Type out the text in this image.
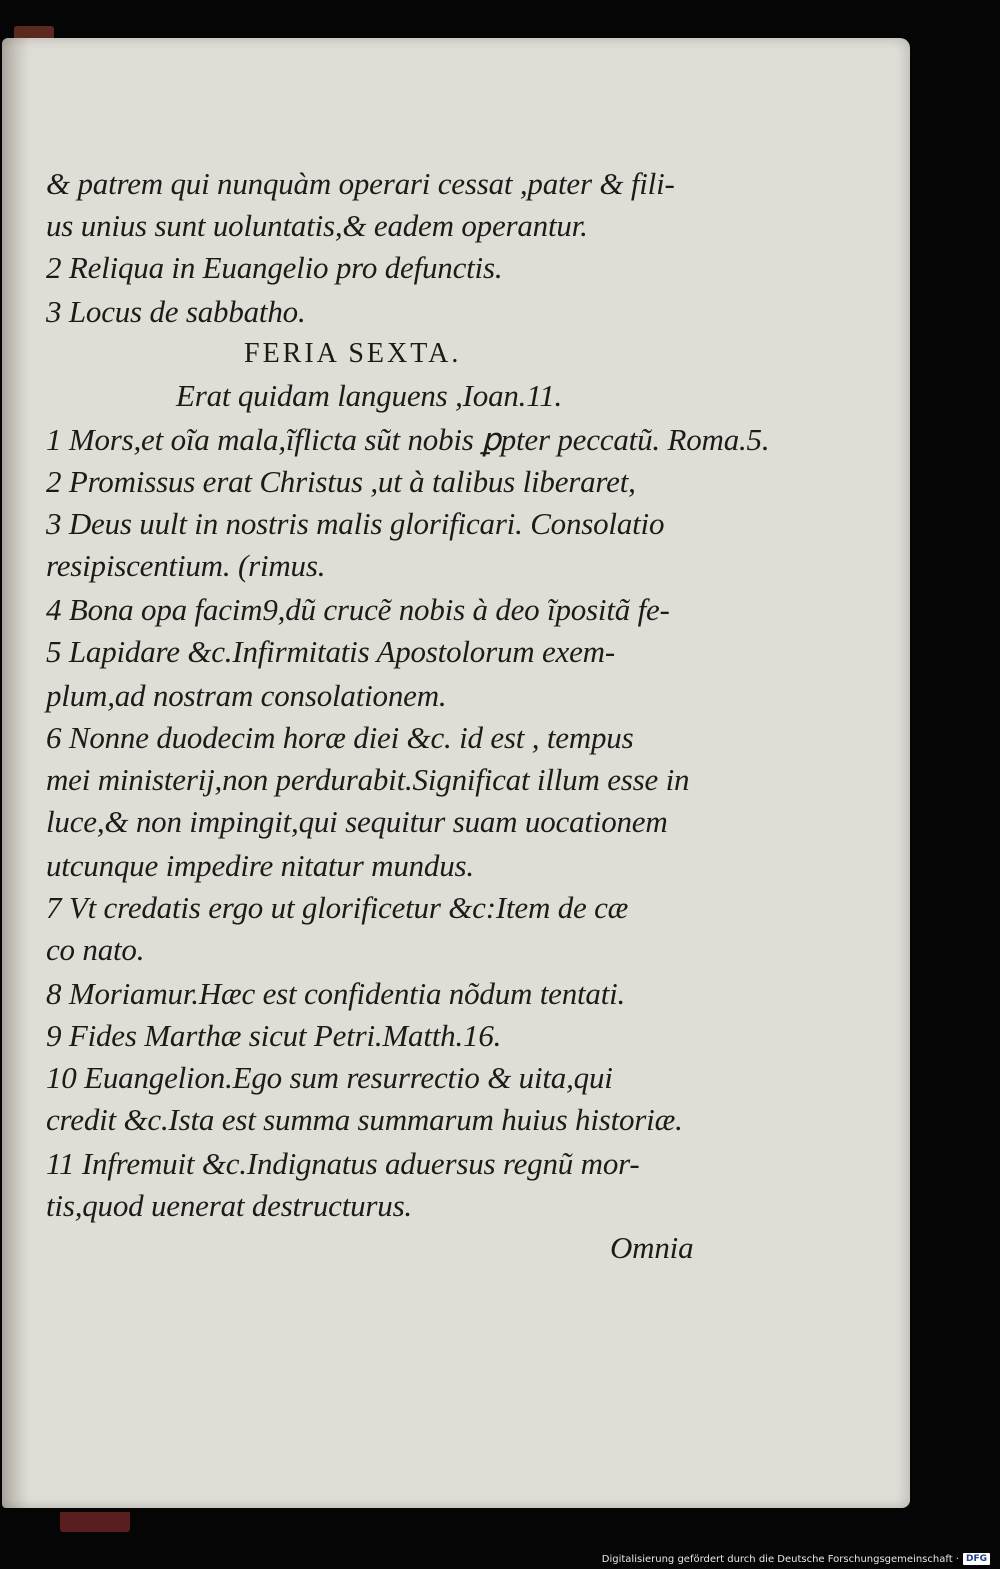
& patrem qui nunquàm operari cessat ,pater & fili-
us unius sunt uoluntatis,& eadem operantur.
2 Reliqua in Euangelio pro defunctis.
3 Locus de sabbatho.
FERIA SEXTA.
Erat quidam languens ,Ioan.11.
1 Mors,et oĩa mala,ĩflicta sũt nobis ꝑpter peccatũ. Roma.5.
2 Promissus erat Christus ,ut à talibus liberaret,
3 Deus uult in nostris malis glorificari. Consolatio
resipiscentium. (rimus.
4 Bona opa facim9,dũ crucẽ nobis à deo ĩpositã fe-
5 Lapidare &c.Infirmitatis Apostolorum exem-
plum,ad nostram consolationem.
6 Nonne duodecim horæ diei &c. id est , tempus
mei ministerij,non perdurabit.Significat illum esse in
luce,& non impingit,qui sequitur suam uocationem
utcunque impedire nitatur mundus.
7 Vt credatis ergo ut glorificetur &c:Item de cæ
co nato.
8 Moriamur.Hæc est confidentia nõdum tentati.
9 Fides Marthæ sicut Petri.Matth.16.
10 Euangelion.Ego sum resurrectio & uita,qui
credit &c.Ista est summa summarum huius historiæ.
11 Infremuit &c.Indignatus aduersus regnũ mor-
tis,quod uenerat destructurus.
Omnia
Digitalisierung gefördert durch die Deutsche Forschungsgemeinschaft · DFG
